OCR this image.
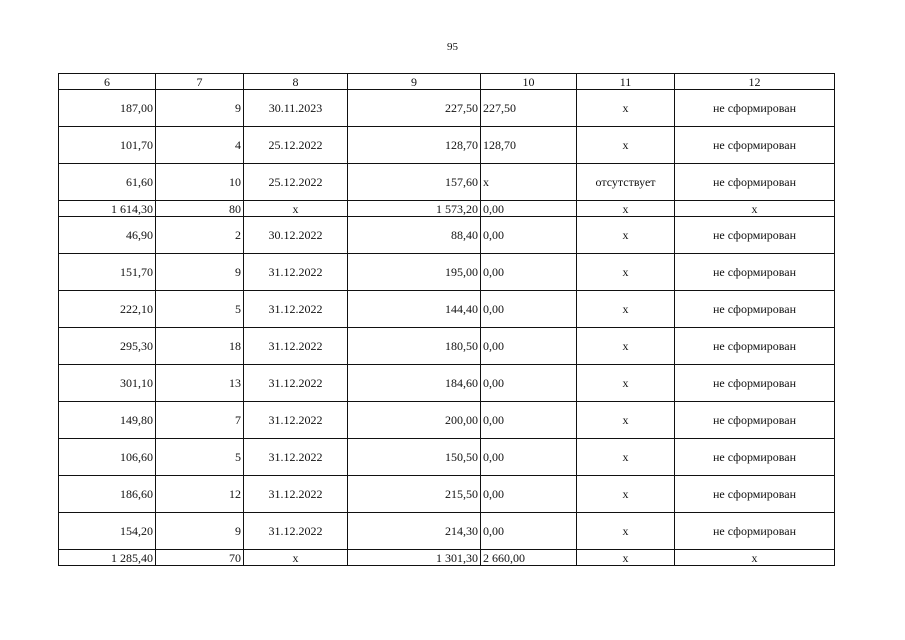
95
6	7	8	9	10	11	12
187,00	9	30.11.2023	227,50	227,50	x	не сформирован
101,70	4	25.12.2022	128,70	128,70	x	не сформирован
61,60	10	25.12.2022	157,60	x	отсутствует	не сформирован
1 614,30	80	x	1 573,20	0,00	x	x
46,90	2	30.12.2022	88,40	0,00	x	не сформирован
151,70	9	31.12.2022	195,00	0,00	x	не сформирован
222,10	5	31.12.2022	144,40	0,00	x	не сформирован
295,30	18	31.12.2022	180,50	0,00	x	не сформирован
301,10	13	31.12.2022	184,60	0,00	x	не сформирован
149,80	7	31.12.2022	200,00	0,00	x	не сформирован
106,60	5	31.12.2022	150,50	0,00	x	не сформирован
186,60	12	31.12.2022	215,50	0,00	x	не сформирован
154,20	9	31.12.2022	214,30	0,00	x	не сформирован
1 285,40	70	x	1 301,30	2 660,00	x	x
